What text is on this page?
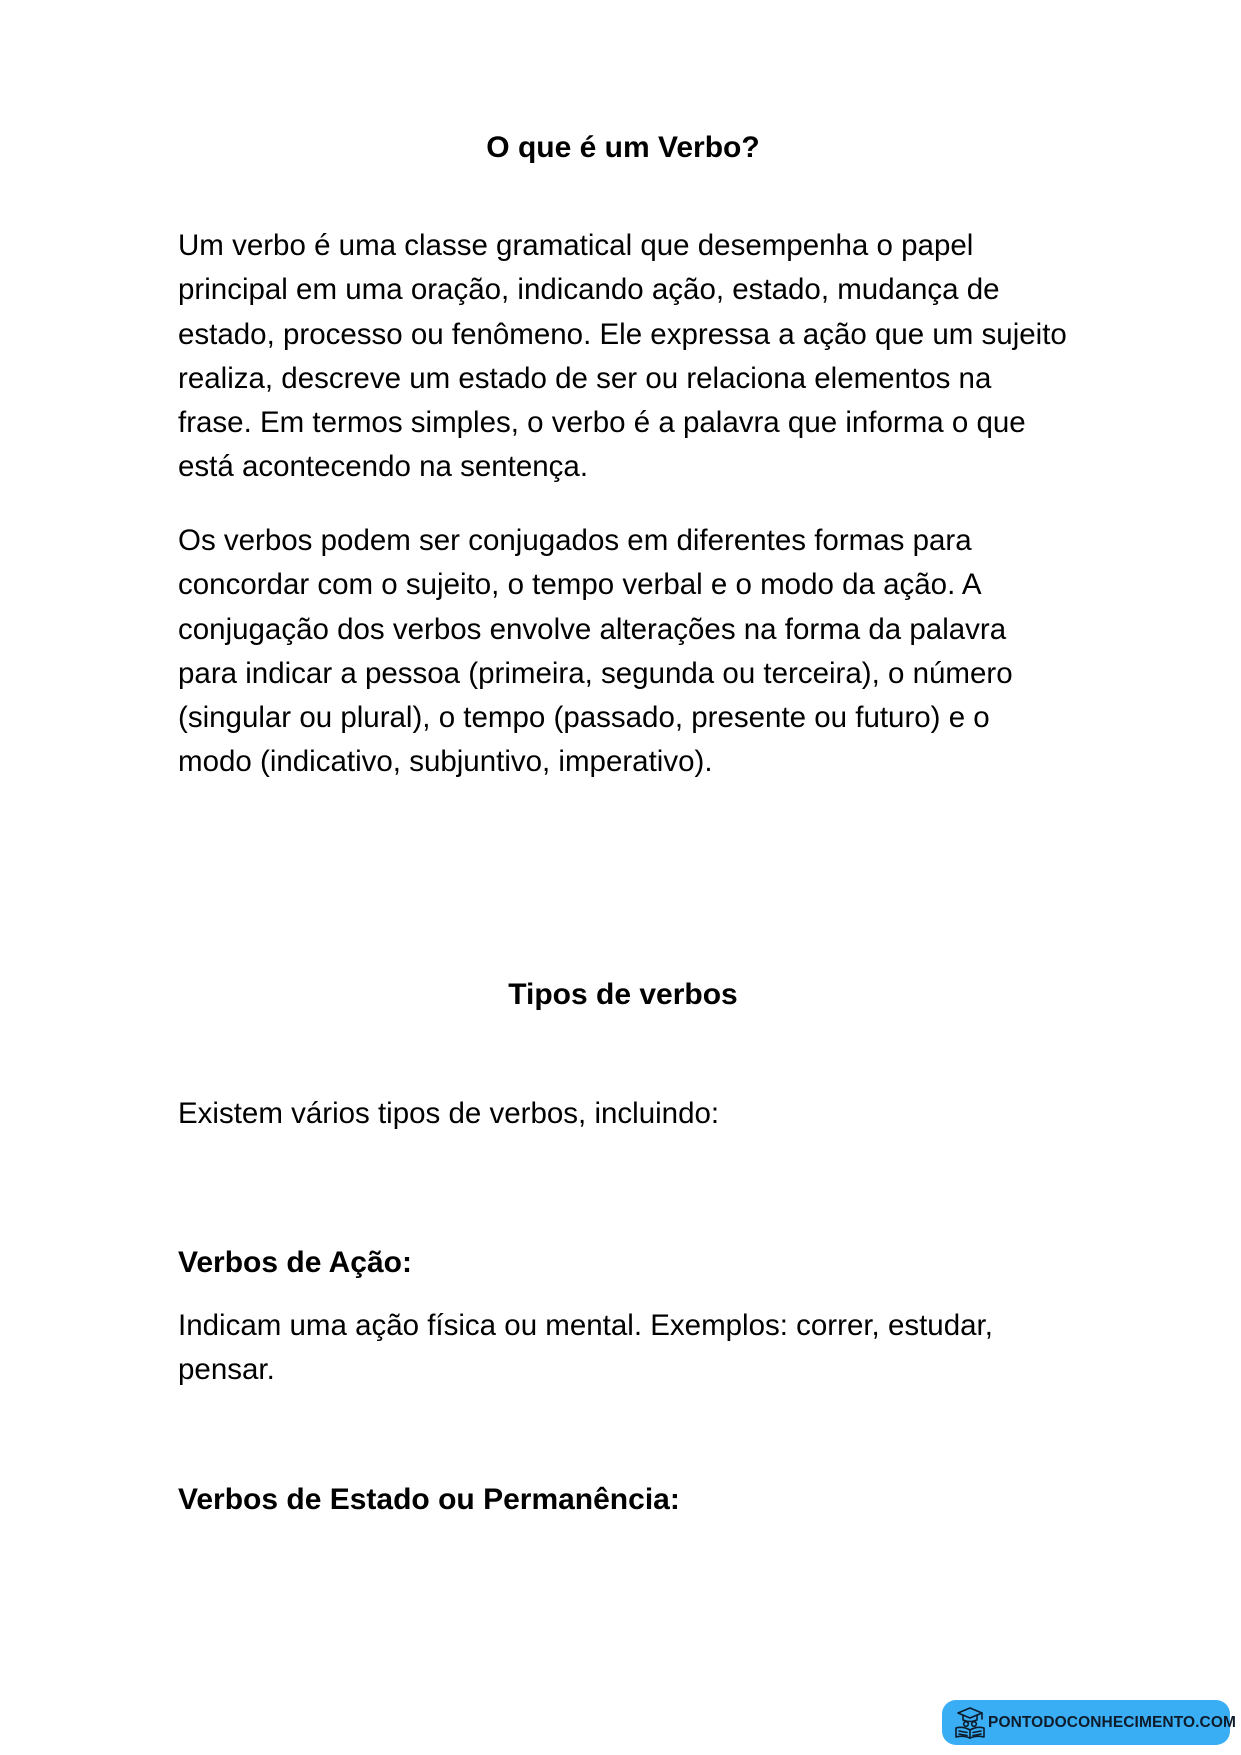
O que é um Verbo?

Um verbo é uma classe gramatical que desempenha o papel principal em uma oração, indicando ação, estado, mudança de estado, processo ou fenômeno. Ele expressa a ação que um sujeito realiza, descreve um estado de ser ou relaciona elementos na frase. Em termos simples, o verbo é a palavra que informa o que está acontecendo na sentença.

Os verbos podem ser conjugados em diferentes formas para concordar com o sujeito, o tempo verbal e o modo da ação. A conjugação dos verbos envolve alterações na forma da palavra para indicar a pessoa (primeira, segunda ou terceira), o número (singular ou plural), o tempo (passado, presente ou futuro) e o modo (indicativo, subjuntivo, imperativo).

Tipos de verbos

Existem vários tipos de verbos, incluindo:

Verbos de Ação:

Indicam uma ação física ou mental. Exemplos: correr, estudar, pensar.

Verbos de Estado ou Permanência:
PONTODOCONHECIMENTO.COM
